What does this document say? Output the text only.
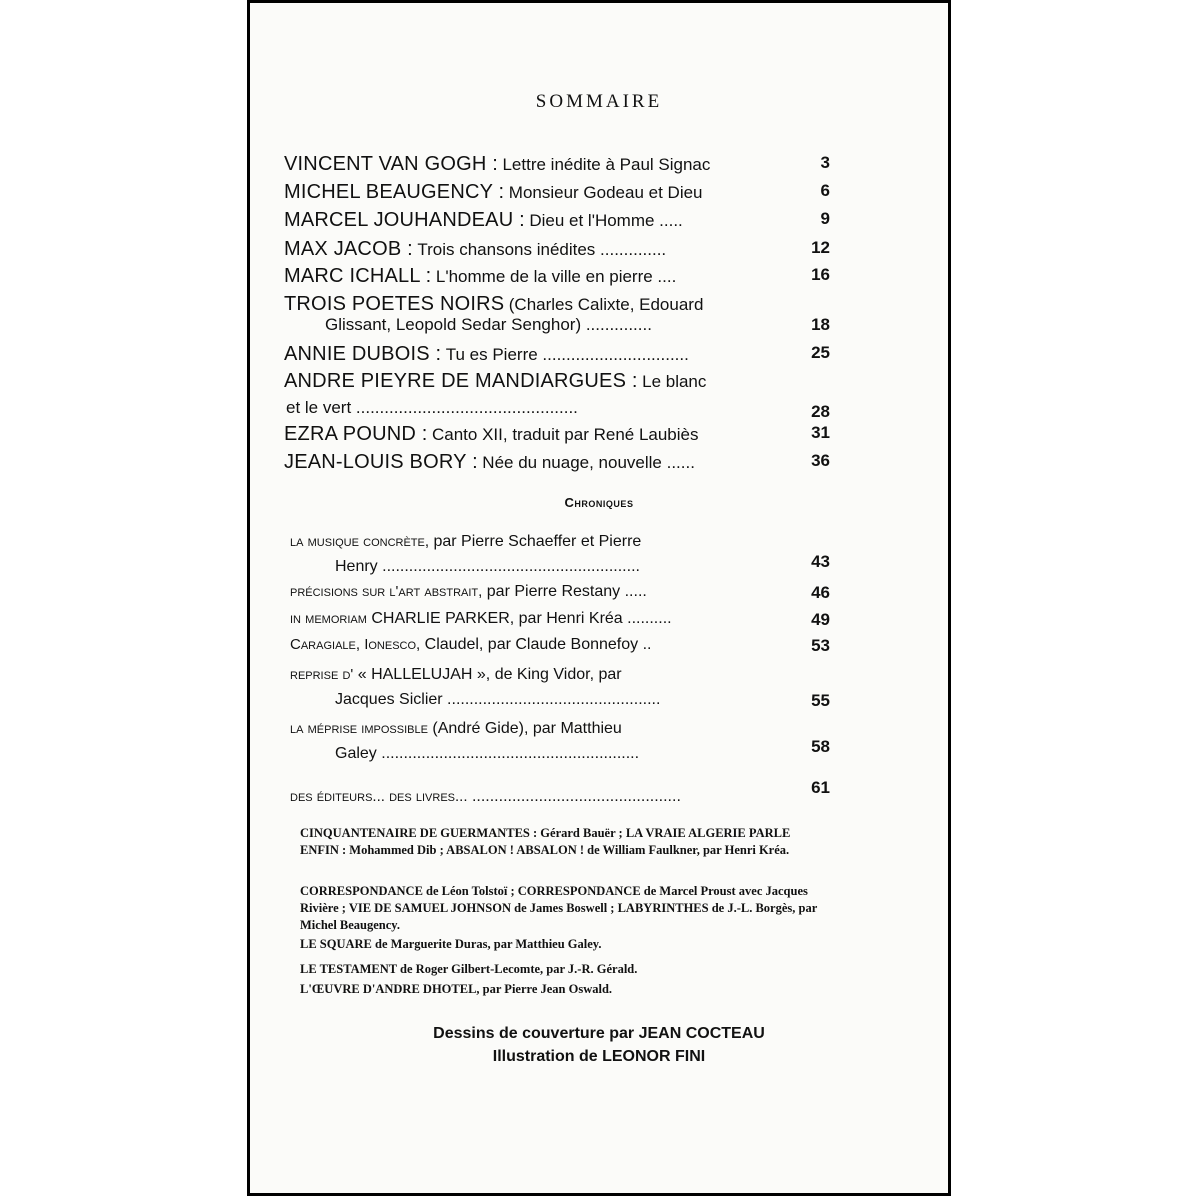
SOMMAIRE
VINCENT VAN GOGH : Lettre inédite à Paul Signac	3
MICHEL BEAUGENCY : Monsieur Godeau et Dieu	6
MARCEL JOUHANDEAU : Dieu et l'Homme .....	9
MAX JACOB : Trois chansons inédites ..............	12
MARC ICHALL : L'homme de la ville en pierre ....	16
TROIS POETES NOIRS (Charles Calixte, Edouard
Glissant, Leopold Sedar Senghor) ..............	18
ANNIE DUBOIS : Tu es Pierre ...............................	25
ANDRE PIEYRE DE MANDIARGUES : Le blanc
et le vert ...............................................	28
EZRA POUND : Canto XII, traduit par René Laubiès	31
JEAN-LOUIS BORY : Née du nuage, nouvelle ......	36
Chroniques
la musique concrète, par Pierre Schaeffer et Pierre
Henry ..........................................................	43
précisions sur l'art abstrait, par Pierre Restany .....	46
in memoriam CHARLIE PARKER, par Henri Kréa ..........	49
Caragiale, Ionesco, Claudel, par Claude Bonnefoy ..	53
reprise d' « HALLELUJAH », de King Vidor, par
Jacques Siclier ................................................	55
la méprise impossible (André Gide), par Matthieu
Galey ..........................................................	58
des éditeurs... des livres... ...............................................	61
CINQUANTENAIRE DE GUERMANTES : Gérard Bauër ; LA VRAIE ALGERIE PARLE ENFIN : Mohammed Dib ; ABSALON ! ABSALON ! de William Faulkner, par Henri Kréa.
CORRESPONDANCE de Léon Tolstoï ; CORRESPONDANCE de Marcel Proust avec Jacques Rivière ; VIE DE SAMUEL JOHNSON de James Boswell ; LABYRINTHES de J.-L. Borgès, par Michel Beaugency.
LE SQUARE de Marguerite Duras, par Matthieu Galey.
LE TESTAMENT de Roger Gilbert-Lecomte, par J.-R. Gérald.
L'ŒUVRE D'ANDRE DHOTEL, par Pierre Jean Oswald.
Dessins de couverture par JEAN COCTEAU
Illustration de LEONOR FINI
